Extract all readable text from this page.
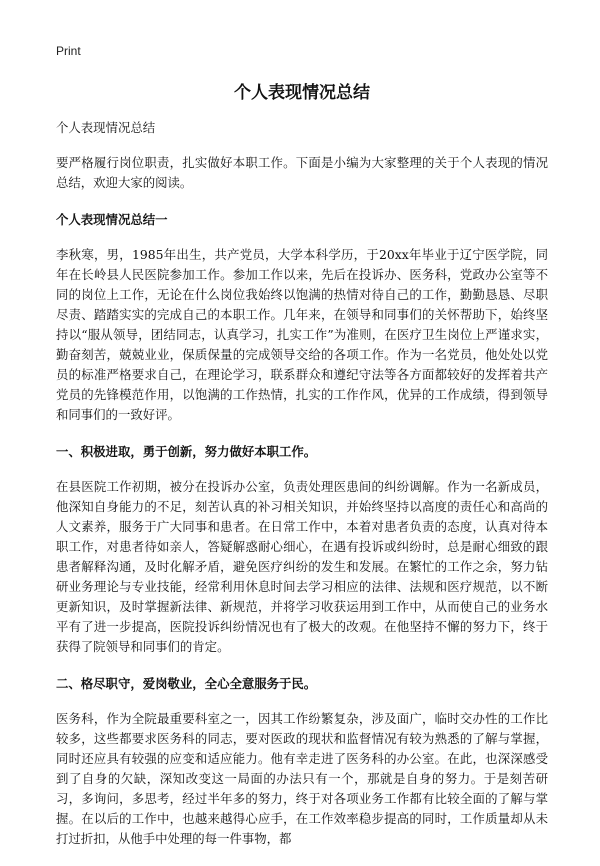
Print
个人表现情况总结

个人表现情况总结

要严格履行岗位职责，扎实做好本职工作。下面是小编为大家整理的关于个人表现的情况总结，欢迎大家的阅读。

个人表现情况总结一

李秋寒，男，1985年出生，共产党员，大学本科学历，于20xx年毕业于辽宁医学院，同年在长岭县人民医院参加工作。参加工作以来，先后在投诉办、医务科，党政办公室等不同的岗位上工作，无论在什么岗位我始终以饱满的热情对待自己的工作，勤勤恳恳、尽职尽责、踏踏实实的完成自己的本职工作。几年来，在领导和同事们的关怀帮助下，始终坚持以“服从领导，团结同志，认真学习，扎实工作”为准则，在医疗卫生岗位上严谨求实，勤奋刻苦，兢兢业业，保质保量的完成领导交给的各项工作。作为一名党员，他处处以党员的标准严格要求自己，在理论学习，联系群众和遵纪守法等各方面都较好的发挥着共产党员的先锋模范作用，以饱满的工作热情，扎实的工作作风，优异的工作成绩，得到领导和同事们的一致好评。

一、积极进取，勇于创新，努力做好本职工作。

在县医院工作初期，被分在投诉办公室，负责处理医患间的纠纷调解。作为一名新成员，他深知自身能力的不足，刻苦认真的补习相关知识，并始终坚持以高度的责任心和高尚的人文素养，服务于广大同事和患者。在日常工作中，本着对患者负责的态度，认真对待本职工作，对患者待如亲人，答疑解惑耐心细心，在遇有投诉或纠纷时，总是耐心细致的跟患者解释沟通，及时化解矛盾，避免医疗纠纷的发生和发展。在繁忙的工作之余，努力钻研业务理论与专业技能，经常利用休息时间去学习相应的法律、法规和医疗规范，以不断更新知识，及时掌握新法律、新规范，并将学习收获运用到工作中，从而使自己的业务水平有了进一步提高，医院投诉纠纷情况也有了极大的改观。在他坚持不懈的努力下，终于获得了院领导和同事们的肯定。

二、格尽职守，爱岗敬业，全心全意服务于民。

医务科，作为全院最重要科室之一，因其工作纷繁复杂，涉及面广，临时交办性的工作比较多，这些都要求医务科的同志，要对医政的现状和监督情况有较为熟悉的了解与掌握，同时还应具有较强的应变和适应能力。他有幸走进了医务科的办公室。在此，也深深感受到了自身的欠缺，深知改变这一局面的办法只有一个，那就是自身的努力。于是刻苦研习，多询问，多思考，经过半年多的努力，终于对各项业务工作都有比较全面的了解与掌握。在以后的工作中，也越来越得心应手，在工作效率稳步提高的同时，工作质量却从未打过折扣，从他手中处理的每一件事物，都
